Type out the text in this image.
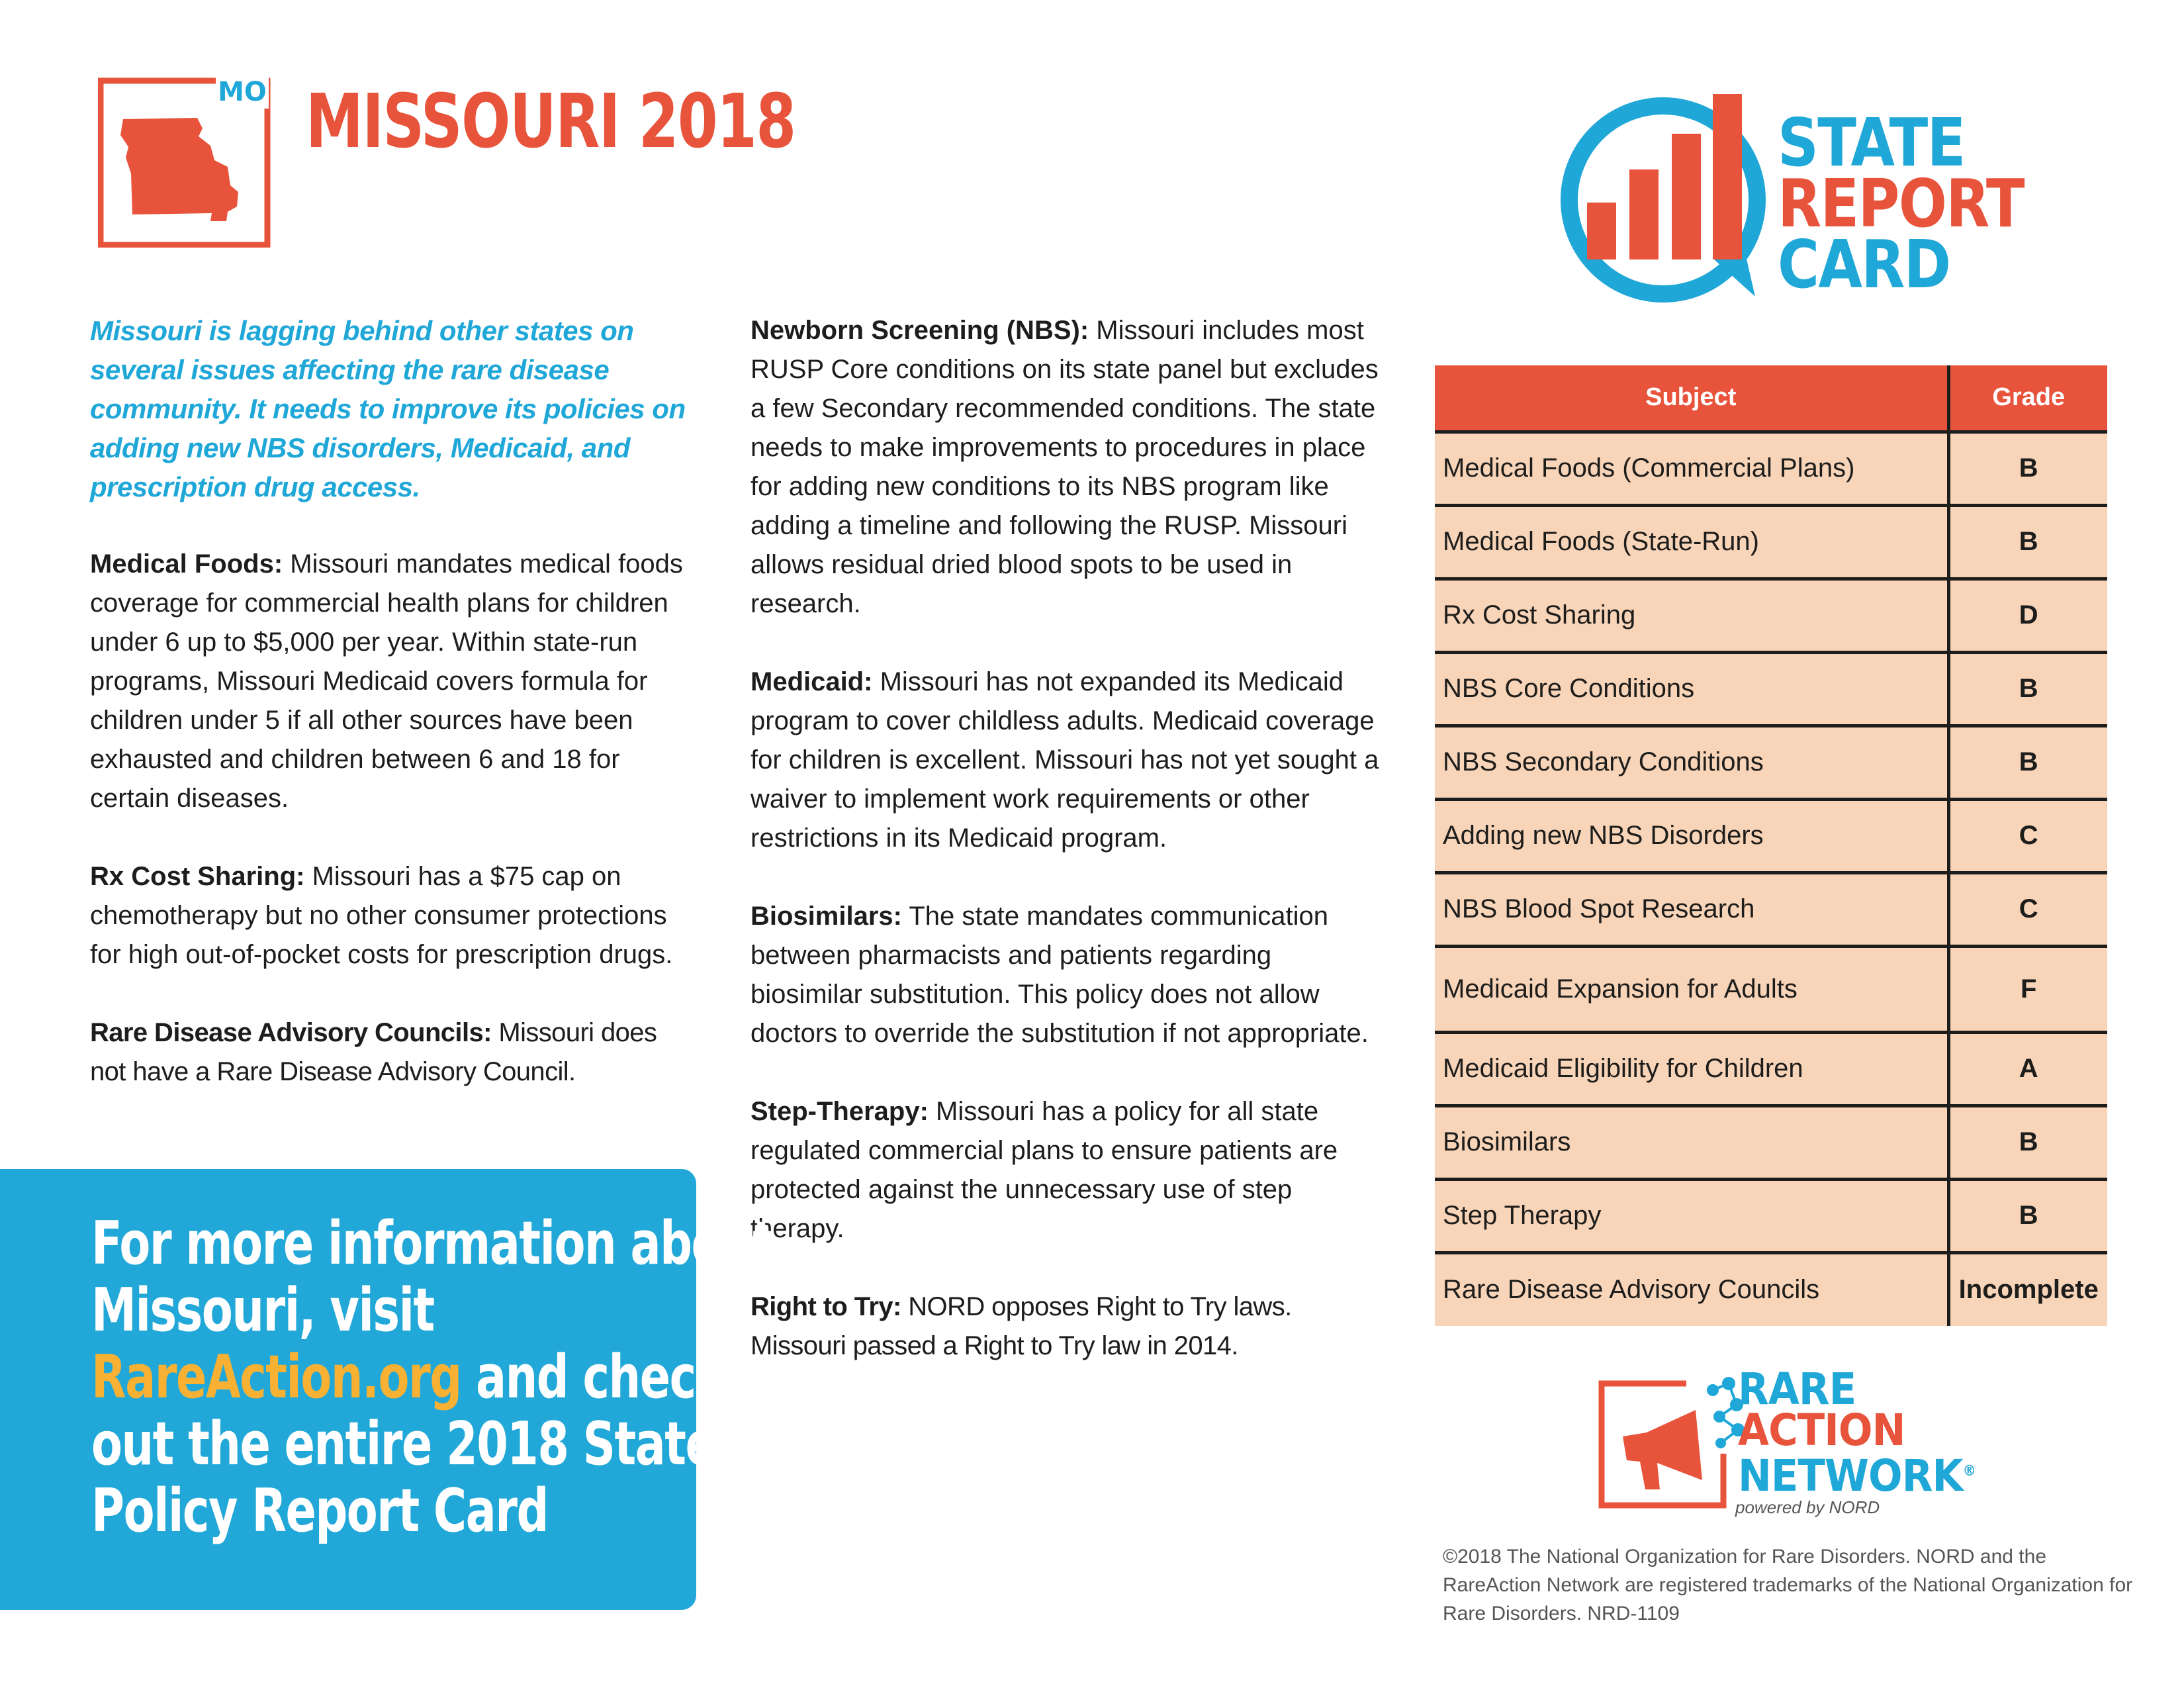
MO MISSOURI 2018	STATE
REPORT
CARD
Missouri is lagging behind other states on several issues affecting the rare disease community. It needs to improve its policies on adding new NBS disorders, Medicaid, and prescription drug access.
Medical Foods: Missouri mandates medical foods coverage for commercial health plans for children under 6 up to $5,000 per year. Within state-run programs, Missouri Medicaid covers formula for children under 5 if all other sources have been exhausted and children between 6 and 18 for certain diseases.
Rx Cost Sharing: Missouri has a $75 cap on chemotherapy but no other consumer protections for high out-of-pocket costs for prescription drugs.
Rare Disease Advisory Councils: Missouri does not have a Rare Disease Advisory Council.
Newborn Screening (NBS): Missouri includes most RUSP Core conditions on its state panel but excludes a few Secondary recommended conditions. The state needs to make improvements to procedures in place for adding new conditions to its NBS program like adding a timeline and following the RUSP. Missouri allows residual dried blood spots to be used in research.
Medicaid: Missouri has not expanded its Medicaid program to cover childless adults. Medicaid coverage for children is excellent. Missouri has not yet sought a waiver to implement work requirements or other restrictions in its Medicaid program.
Biosimilars: The state mandates communication between pharmacists and patients regarding biosimilar substitution. This policy does not allow doctors to override the substitution if not appropriate.
Step-Therapy: Missouri has a policy for all state regulated commercial plans to ensure patients are protected against the unnecessary use of step therapy.
Right to Try: NORD opposes Right to Try laws. Missouri passed a Right to Try law in 2014.
For more information about
Missouri, visit
RareAction.org and check
out the entire 2018 State
Policy Report Card
Subject	Grade
Medical Foods (Commercial Plans)	B
Medical Foods (State-Run)	B
Rx Cost Sharing	D
NBS Core Conditions	B
NBS Secondary Conditions	B
Adding new NBS Disorders	C
NBS Blood Spot Research	C
Medicaid Expansion for Adults	F
Medicaid Eligibility for Children	A
Biosimilars	B
Step Therapy	B
Rare Disease Advisory Councils	Incomplete
RARE
ACTION
NETWORK®
powered by NORD
©2018 The National Organization for Rare Disorders. NORD and the RareAction Network are registered trademarks of the National Organization for Rare Disorders. NRD-1109
